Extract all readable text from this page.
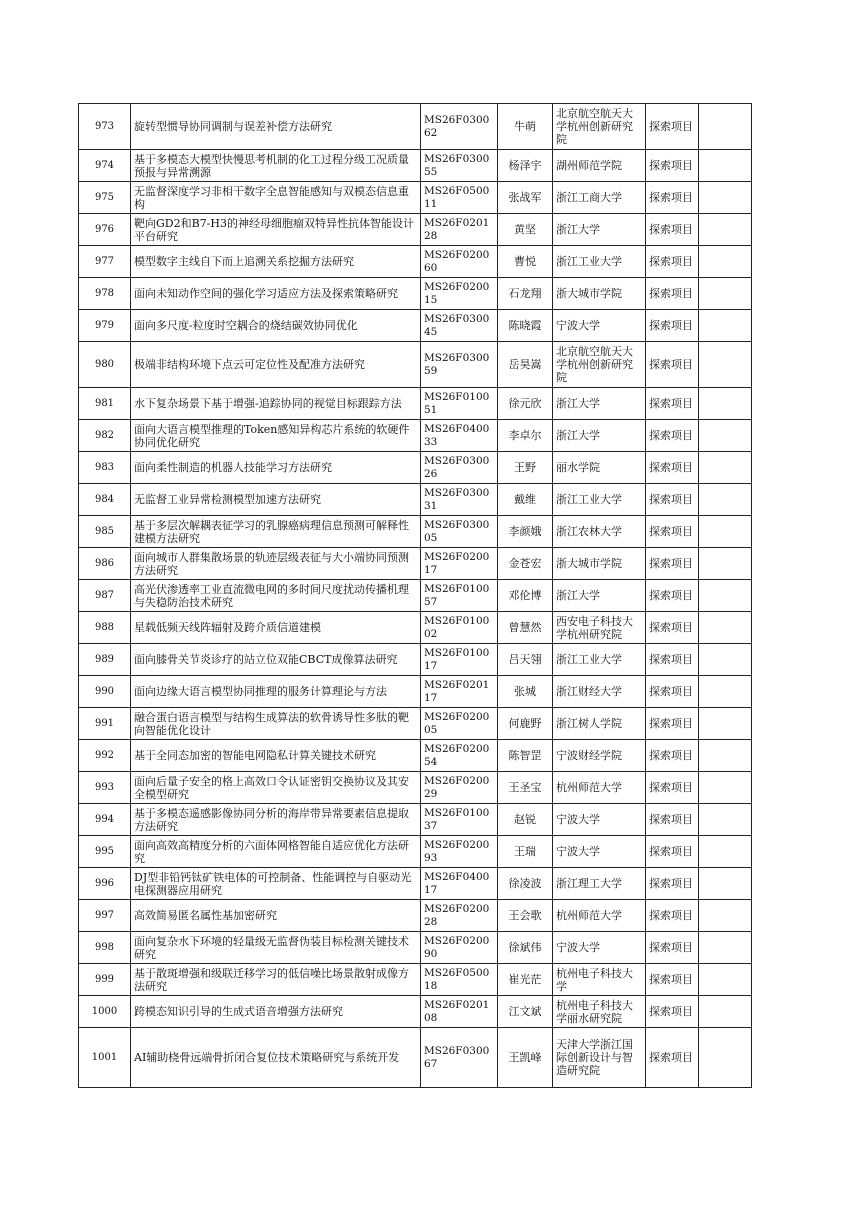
973	旋转型惯导协同调制与误差补偿方法研究	MS26F030062	牛萌	北京航空航天大学杭州创新研究院	探索项目	
974	基于多模态大模型快慢思考机制的化工过程分级工况质量预报与异常溯源	MS26F030055	杨泽宇	湖州师范学院	探索项目	
975	无监督深度学习非相干数字全息智能感知与双模态信息重构	MS26F050011	张战军	浙江工商大学	探索项目	
976	靶向GD2和B7-H3的神经母细胞瘤双特异性抗体智能设计平台研究	MS26F020128	黄坚	浙江大学	探索项目	
977	模型数字主线自下而上追溯关系挖掘方法研究	MS26F020060	曹悦	浙江工业大学	探索项目	
978	面向未知动作空间的强化学习适应方法及探索策略研究	MS26F020015	石龙翔	浙大城市学院	探索项目	
979	面向多尺度-粒度时空耦合的烧结碳效协同优化	MS26F030045	陈晓霞	宁波大学	探索项目	
980	极端非结构环境下点云可定位性及配准方法研究	MS26F030059	岳昊嵩	北京航空航天大学杭州创新研究院	探索项目	
981	水下复杂场景下基于增强-追踪协同的视觉目标跟踪方法	MS26F010051	徐元欣	浙江大学	探索项目	
982	面向大语言模型推理的Token感知异构芯片系统的软硬件协同优化研究	MS26F040033	李卓尔	浙江大学	探索项目	
983	面向柔性制造的机器人技能学习方法研究	MS26F030026	王野	丽水学院	探索项目	
984	无监督工业异常检测模型加速方法研究	MS26F030031	戴维	浙江工业大学	探索项目	
985	基于多层次解耦表征学习的乳腺癌病理信息预测可解释性建模方法研究	MS26F030005	李颜娥	浙江农林大学	探索项目	
986	面向城市人群集散场景的轨迹层级表征与大小端协同预测方法研究	MS26F020017	金苍宏	浙大城市学院	探索项目	
987	高光伏渗透率工业直流微电网的多时间尺度扰动传播机理与失稳防治技术研究	MS26F010057	邓伦博	浙江大学	探索项目	
988	星载低频天线阵辐射及跨介质信道建模	MS26F010002	曾慧然	西安电子科技大学杭州研究院	探索项目	
989	面向膝骨关节炎诊疗的站立位双能CBCT成像算法研究	MS26F010017	吕天翎	浙江工业大学	探索项目	
990	面向边缘大语言模型协同推理的服务计算理论与方法	MS26F020117	张城	浙江财经大学	探索项目	
991	融合蛋白语言模型与结构生成算法的软骨诱导性多肽的靶向智能优化设计	MS26F020005	何鹿野	浙江树人学院	探索项目	
992	基于全同态加密的智能电网隐私计算关键技术研究	MS26F020054	陈智罡	宁波财经学院	探索项目	
993	面向后量子安全的格上高效口令认证密钥交换协议及其安全模型研究	MS26F020029	王圣宝	杭州师范大学	探索项目	
994	基于多模态遥感影像协同分析的海岸带异常要素信息提取方法研究	MS26F010037	赵锐	宁波大学	探索项目	
995	面向高效高精度分析的六面体网格智能自适应优化方法研究	MS26F020093	王瑞	宁波大学	探索项目	
996	DJ型非铅钙钛矿铁电体的可控制备、性能调控与自驱动光电探测器应用研究	MS26F040017	徐凌波	浙江理工大学	探索项目	
997	高效简易匿名属性基加密研究	MS26F020028	王会歌	杭州师范大学	探索项目	
998	面向复杂水下环境的轻量级无监督伪装目标检测关键技术研究	MS26F020090	徐斌伟	宁波大学	探索项目	
999	基于散斑增强和级联迁移学习的低信噪比场景散射成像方法研究	MS26F050018	崔光茫	杭州电子科技大学	探索项目	
1000	跨模态知识引导的生成式语音增强方法研究	MS26F020108	江文斌	杭州电子科技大学丽水研究院	探索项目	
1001	AI辅助桡骨远端骨折闭合复位技术策略研究与系统开发	MS26F030067	王凯峰	天津大学浙江国际创新设计与智造研究院	探索项目	
